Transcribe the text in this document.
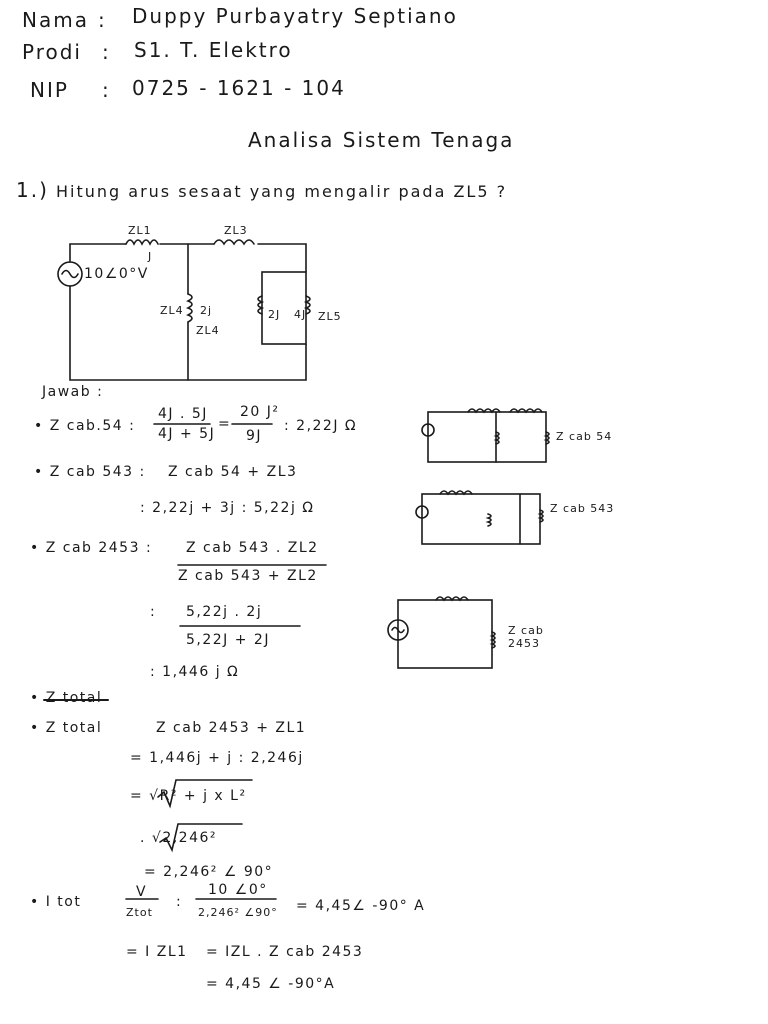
Nama : Duppy Purbayatry Septiano
Prodi : S1. T. Elektro
NIP : 0725 - 1621 - 104
Analisa Sistem Tenaga
1.) Hitung arus sesaat yang mengalir pada ZL5 ?
ZL1
J
ZL3
10∠0°V
ZL4 2j
ZL4
2J 4J ZL5
Jawab :
• Z cab.54 :
4J . 5J
4J + 5J
=
20 J²
9J
: 2,22J Ω
Z cab 54
• Z cab 543 : Z cab 54 + ZL3
: 2,22j + 3j : 5,22j Ω	Z cab 543
• Z cab 2453 : Z cab 543 . ZL2
Z cab 543 + ZL2
: 5,22j . 2j
5,22J + 2J
: 1,446 j Ω
Z cab 2453
• Z total
• Z total	Z cab 2453 + ZL1
= 1,446j + j : 2,246j
= √R² + j x L²
. √2,246²
= 2,246² ∠ 90°
• I tot
V
Ztot
:
10 ∠0°
2,246² ∠90° = 4,45∠ -90° A
= I ZL1 = IZL . Z cab 2453
= 4,45 ∠ -90°A
